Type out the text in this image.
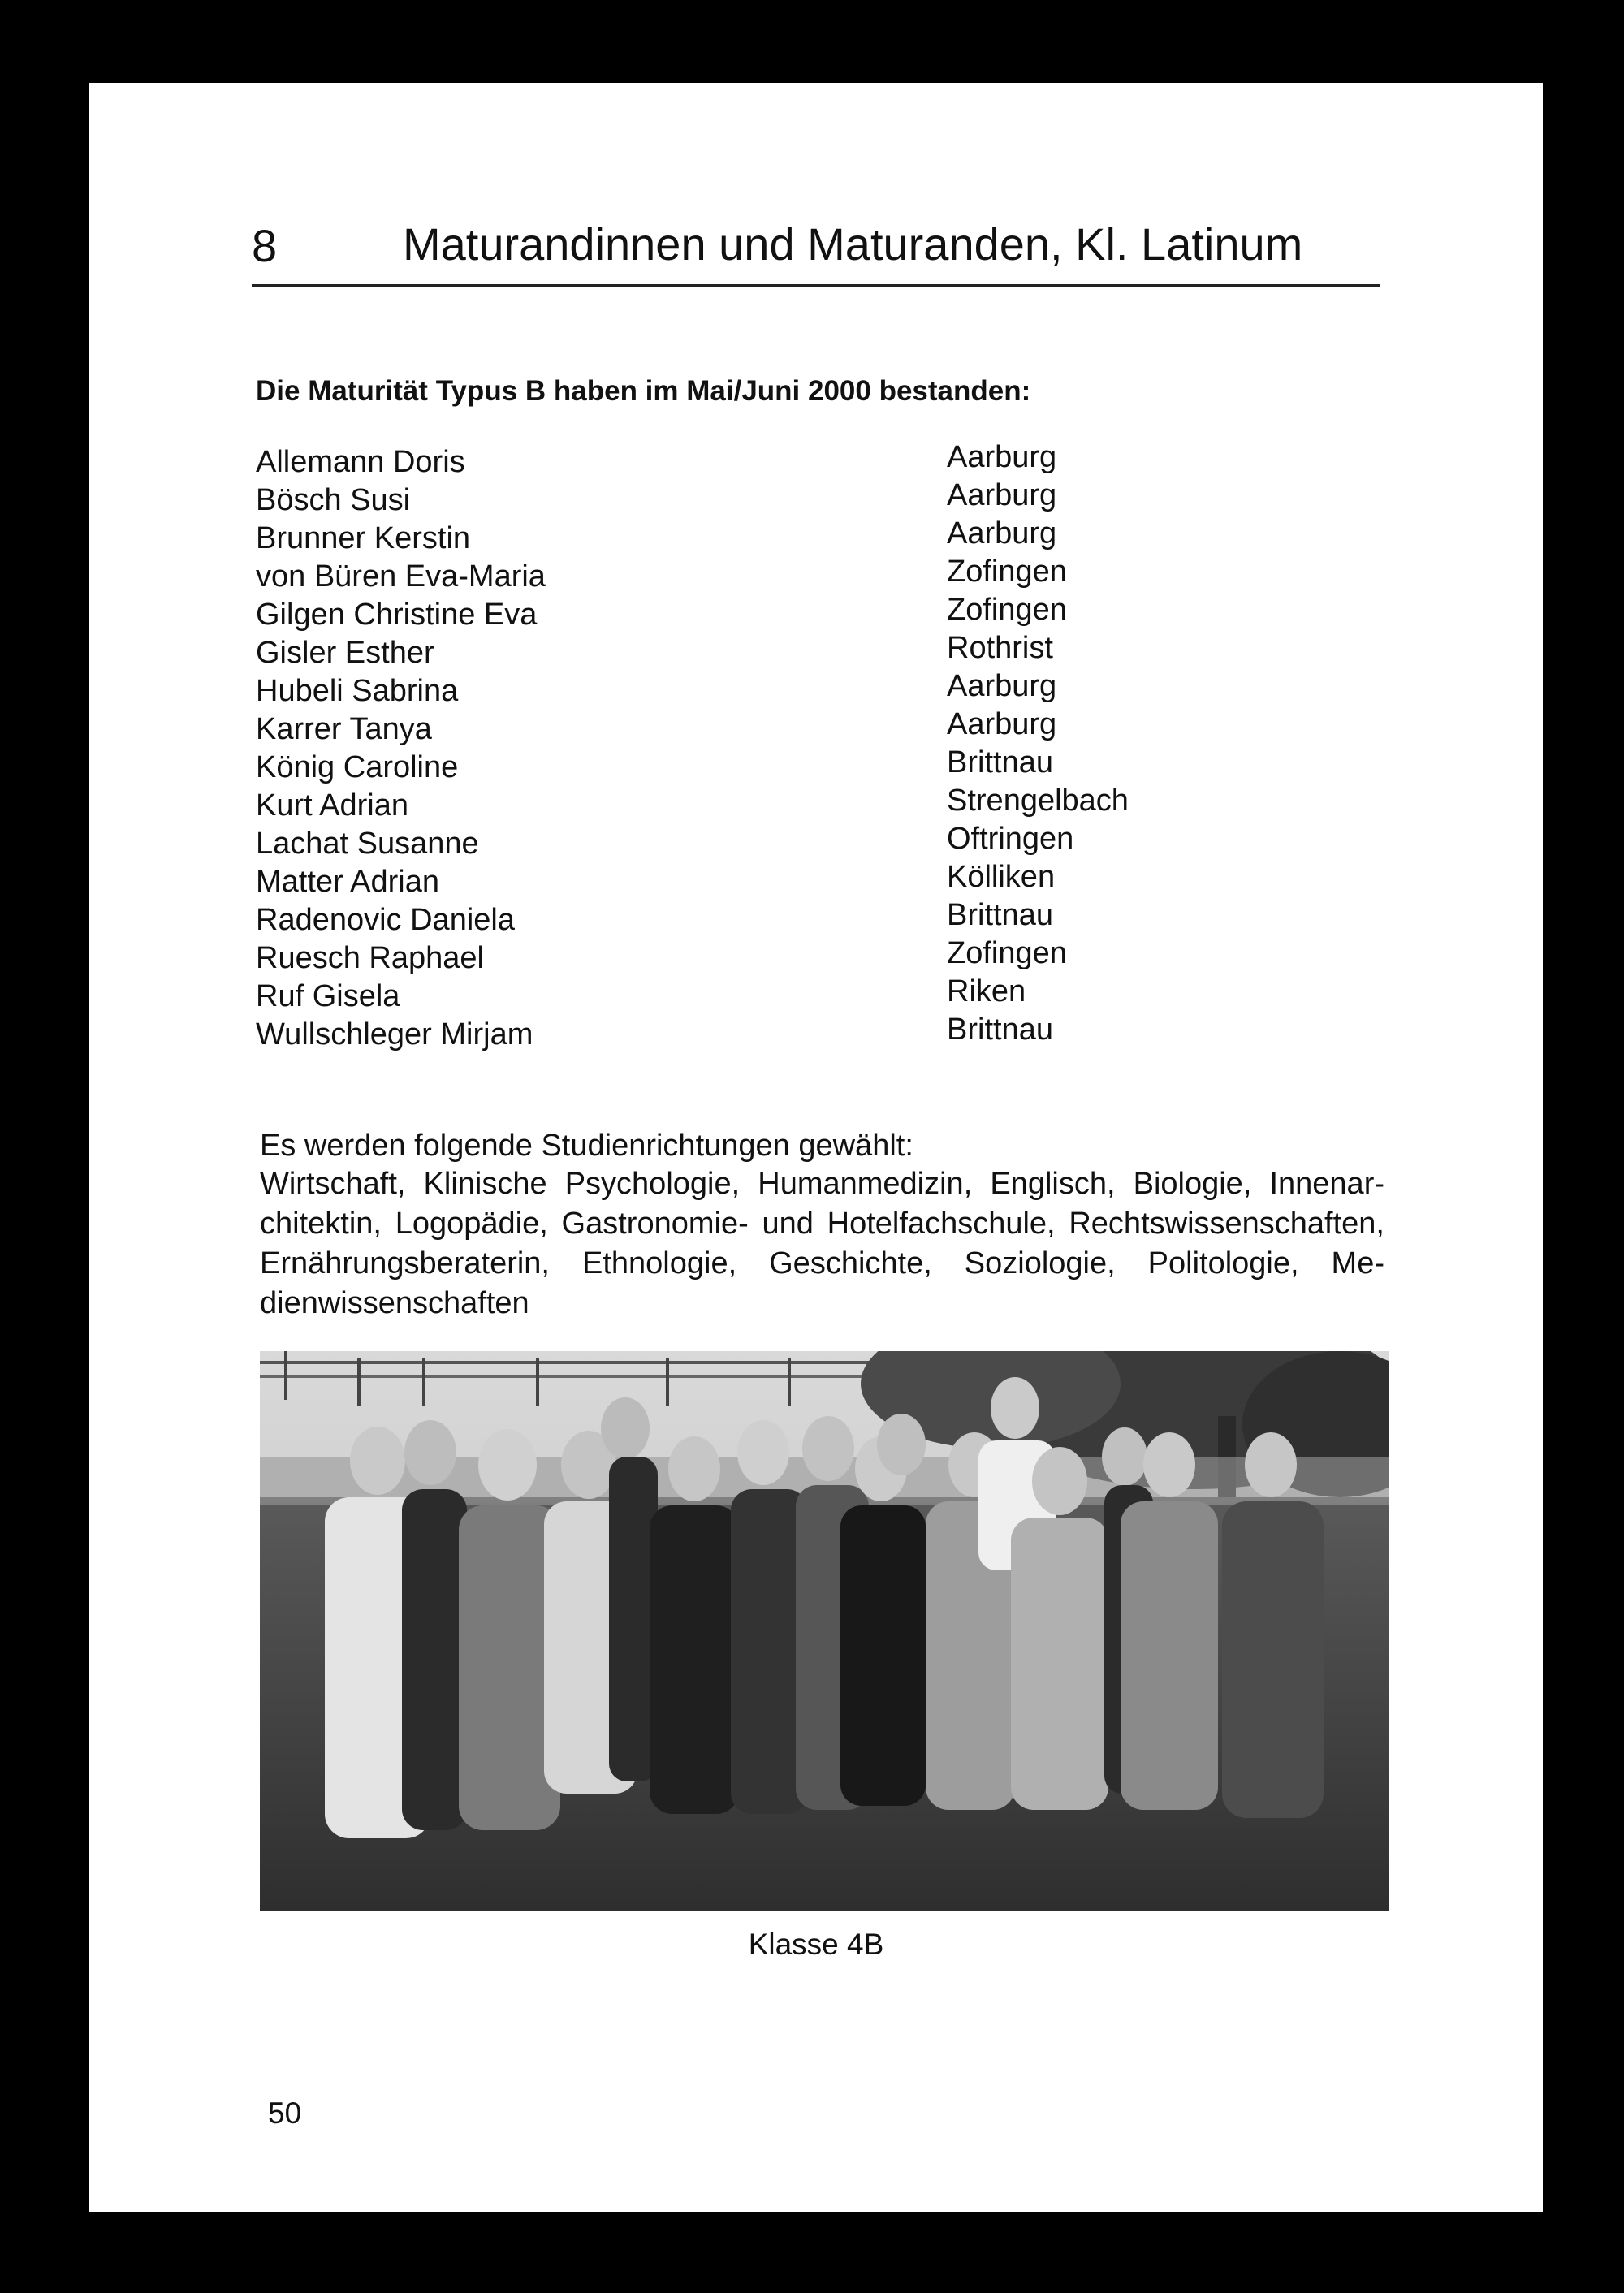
8	Maturandinnen und Maturanden, Kl. Latinum
Die Maturität Typus B haben im Mai/Juni 2000 bestanden:
Allemann Doris
Bösch Susi
Brunner Kerstin
von Büren Eva-Maria
Gilgen Christine Eva
Gisler Esther
Hubeli Sabrina
Karrer Tanya
König Caroline
Kurt Adrian
Lachat Susanne
Matter Adrian
Radenovic Daniela
Ruesch Raphael
Ruf Gisela
Wullschleger Mirjam
Aarburg
Aarburg
Aarburg
Zofingen
Zofingen
Rothrist
Aarburg
Aarburg
Brittnau
Strengelbach
Oftringen
Kölliken
Brittnau
Zofingen
Riken
Brittnau
Es werden folgende Studienrichtungen gewählt:
Wirtschaft, Klinische Psychologie, Humanmedizin, Englisch, Biologie, Innenarchitektin, Logopädie, Gastronomie- und Hotelfachschule, Rechtswissenschaften, Ernährungsberaterin, Ethnologie, Geschichte, Soziologie, Politologie, Medienwissenschaften
Klasse 4B
50
